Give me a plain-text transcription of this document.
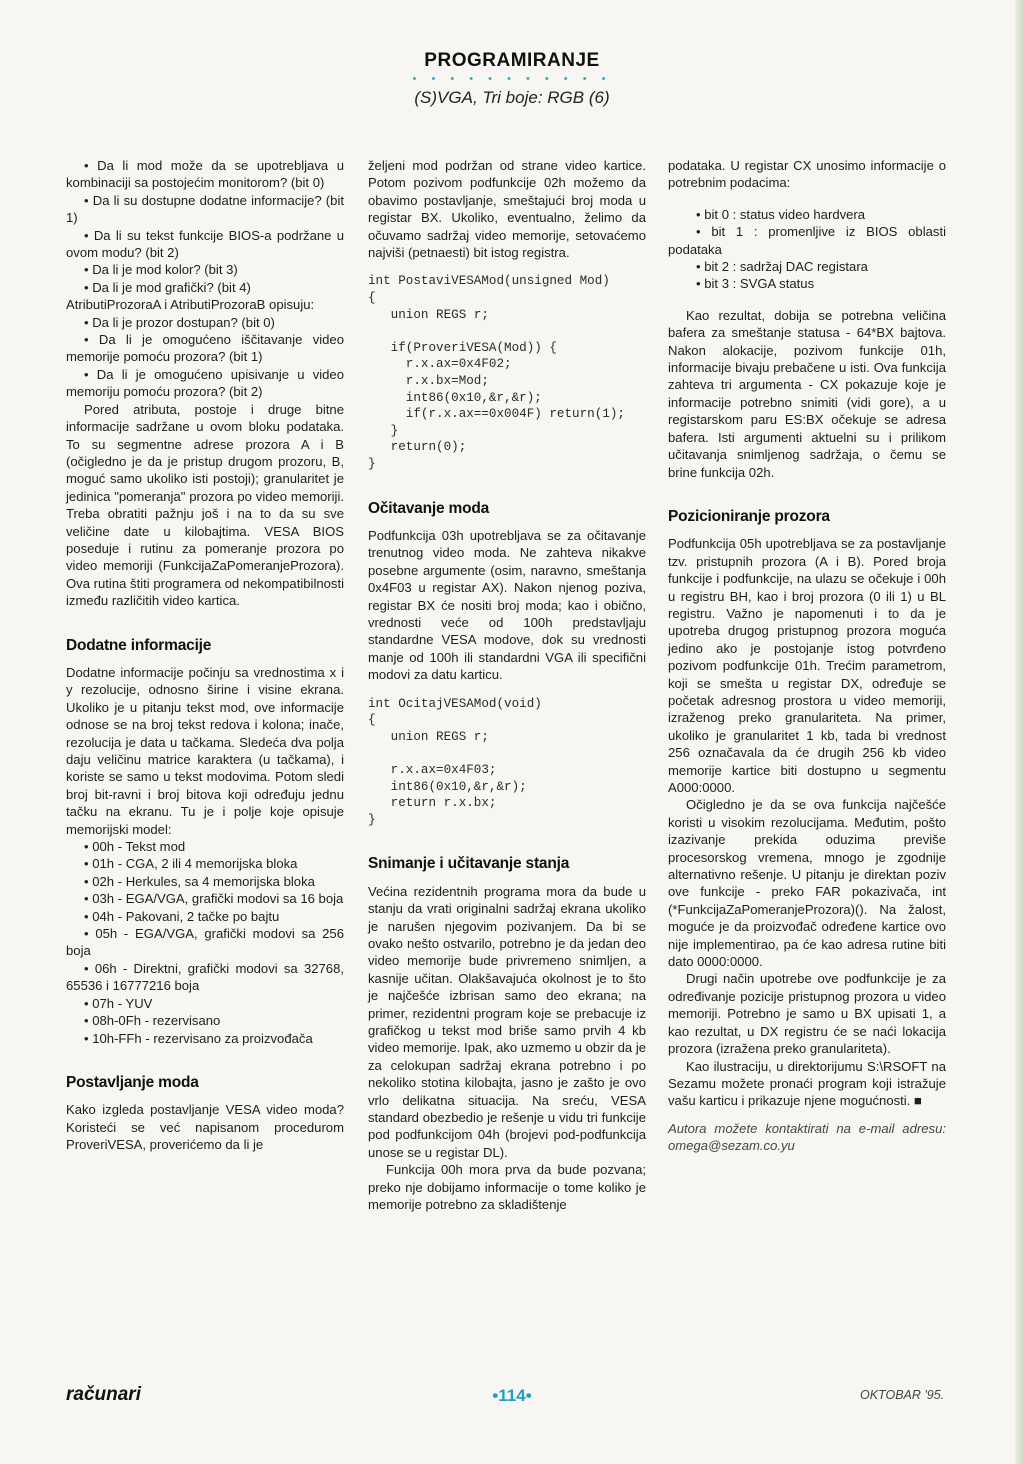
PROGRAMIRANJE
• • • • • • • • • • •
(S)VGA, Tri boje: RGB (6)

• Da li mod može da se upotrebljava u kombinaciji sa postojećim monitorom? (bit 0)

• Da li su dostupne dodatne informacije? (bit 1)

• Da li su tekst funkcije BIOS-a podržane u ovom modu? (bit 2)

• Da li je mod kolor? (bit 3)

• Da li je mod grafički? (bit 4)

AtributiProzoraA i AtributiProzoraB opisuju:

• Da li je prozor dostupan? (bit 0)

• Da li je omogućeno iščitavanje video memorije pomoću prozora? (bit 1)

• Da li je omogućeno upisivanje u video memoriju pomoću prozora? (bit 2)

Pored atributa, postoje i druge bitne informacije sadržane u ovom bloku podataka. To su segmentne adrese prozora A i B (očigledno je da je pristup drugom prozoru, B, moguć samo ukoliko isti postoji); granularitet je jedinica "pomeranja" prozora po video memoriji. Treba obratiti pažnju još i na to da su sve veličine date u kilobajtima. VESA BIOS poseduje i rutinu za pomeranje prozora po video memoriji (FunkcijaZaPomeranjeProzora). Ova rutina štiti programera od nekompatibilnosti između različitih video kartica.

Dodatne informacije

Dodatne informacije počinju sa vrednostima x i y rezolucije, odnosno širine i visine ekrana. Ukoliko je u pitanju tekst mod, ove informacije odnose se na broj tekst redova i kolona; inače, rezolucija je data u tačkama. Sledeća dva polja daju veličinu matrice karaktera (u tačkama), i koriste se samo u tekst modovima. Potom sledi broj bit-ravni i broj bitova koji određuju jednu tačku na ekranu. Tu je i polje koje opisuje memorijski model:

• 00h - Tekst mod

• 01h - CGA, 2 ili 4 memorijska bloka

• 02h - Herkules, sa 4 memorijska bloka

• 03h - EGA/VGA, grafički modovi sa 16 boja

• 04h - Pakovani, 2 tačke po bajtu

• 05h - EGA/VGA, grafički modovi sa 256 boja

• 06h - Direktni, grafički modovi sa 32768, 65536 i 16777216 boja

• 07h - YUV

• 08h-0Fh - rezervisano

• 10h-FFh - rezervisano za proizvođača

Postavljanje moda

Kako izgleda postavljanje VESA video moda? Koristeći se već napisanom procedurom ProveriVESA, proverićemo da li je

željeni mod podržan od strane video kartice. Potom pozivom podfunkcije 02h možemo da obavimo postavljanje, smeštajući broj moda u registar BX. Ukoliko, eventualno, želimo da očuvamo sadržaj video memorije, setovaćemo najviši (petnaesti) bit istog registra.

int PostaviVESAMod(unsigned Mod)
{
union REGS r;

if(ProveriVESA(Mod)) {
r.x.ax=0x4F02;
r.x.bx=Mod;
int86(0x10,&r,&r);
if(r.x.ax==0x004F) return(1);
}
return(0);
}
Očitavanje moda

Podfunkcija 03h upotrebljava se za očitavanje trenutnog video moda. Ne zahteva nikakve posebne argumente (osim, naravno, smeštanja 0x4F03 u registar AX). Nakon njenog poziva, registar BX će nositi broj moda; kao i obično, vrednosti veće od 100h predstavljaju standardne VESA modove, dok su vrednosti manje od 100h ili standardni VGA ili specifični modovi za datu karticu.

int OcitajVESAMod(void)
{
union REGS r;

r.x.ax=0x4F03;
int86(0x10,&r,&r);
return r.x.bx;
}
Snimanje i učitavanje stanja

Većina rezidentnih programa mora da bude u stanju da vrati originalni sadržaj ekrana ukoliko je narušen njegovim pozivanjem. Da bi se ovako nešto ostvarilo, potrebno je da jedan deo video memorije bude privremeno snimljen, a kasnije učitan. Olakšavajuća okolnost je to što je najčešće izbrisan samo deo ekrana; na primer, rezidentni program koje se prebacuje iz grafičkog u tekst mod briše samo prvih 4 kb video memorije. Ipak, ako uzmemo u obzir da je za celokupan sadržaj ekrana potrebno i po nekoliko stotina kilobajta, jasno je zašto je ovo vrlo delikatna situacija. Na sreću, VESA standard obezbedio je rešenje u vidu tri funkcije pod podfunkcijom 04h (brojevi pod-podfunkcija unose se u registar DL).

Funkcija 00h mora prva da bude pozvana; preko nje dobijamo informacije o tome koliko je memorije potrebno za skladištenje

podataka. U registar CX unosimo informacije o potrebnim podacima:

• bit 0 : status video hardvera

• bit 1 : promenljive iz BIOS oblasti podataka

• bit 2 : sadržaj DAC registara

• bit 3 : SVGA status

Kao rezultat, dobija se potrebna veličina bafera za smeštanje statusa - 64*BX bajtova. Nakon alokacije, pozivom funkcije 01h, informacije bivaju prebačene u isti. Ova funkcija zahteva tri argumenta - CX pokazuje koje je informacije potrebno snimiti (vidi gore), a u registarskom paru ES:BX očekuje se adresa bafera. Isti argumenti aktuelni su i prilikom učitavanja snimljenog sadržaja, o čemu se brine funkcija 02h.

Pozicioniranje prozora

Podfunkcija 05h upotrebljava se za postavljanje tzv. pristupnih prozora (A i B). Pored broja funkcije i podfunkcije, na ulazu se očekuje i 00h u registru BH, kao i broj prozora (0 ili 1) u BL registru. Važno je napomenuti i to da je upotreba drugog pristupnog prozora moguća jedino ako je postojanje istog potvrđeno pozivom podfunkcije 01h. Trećim parametrom, koji se smešta u registar DX, određuje se početak adresnog prostora u video memoriji, izraženog preko granulariteta. Na primer, ukoliko je granularitet 1 kb, tada bi vrednost 256 označavala da će drugih 256 kb video memorije kartice biti dostupno u segmentu A000:0000.

Očigledno je da se ova funkcija najčešće koristi u visokim rezolucijama. Međutim, pošto izazivanje prekida oduzima previše procesorskog vremena, mnogo je zgodnije alternativno rešenje. U pitanju je direktan poziv ove funkcije - preko FAR pokazivača, int (*FunkcijaZaPomeranjeProzora)(). Na žalost, moguće je da proizvođač određene kartice ovo nije implementirao, pa će kao adresa rutine biti dato 0000:0000.

Drugi način upotrebe ove podfunkcije je za određivanje pozicije pristupnog prozora u video memoriji. Potrebno je samo u BX upisati 1, a kao rezultat, u DX registru će se naći lokacija prozora (izražena preko granulariteta).

Kao ilustraciju, u direktorijumu S:\RSOFT na Sezamu možete pronaći program koji istražuje vašu karticu i prikazuje njene mogućnosti. ■

Autora možete kontaktirati na e-mail adresu: omega@sezam.co.yu

računari	•114•	OKTOBAR '95.
